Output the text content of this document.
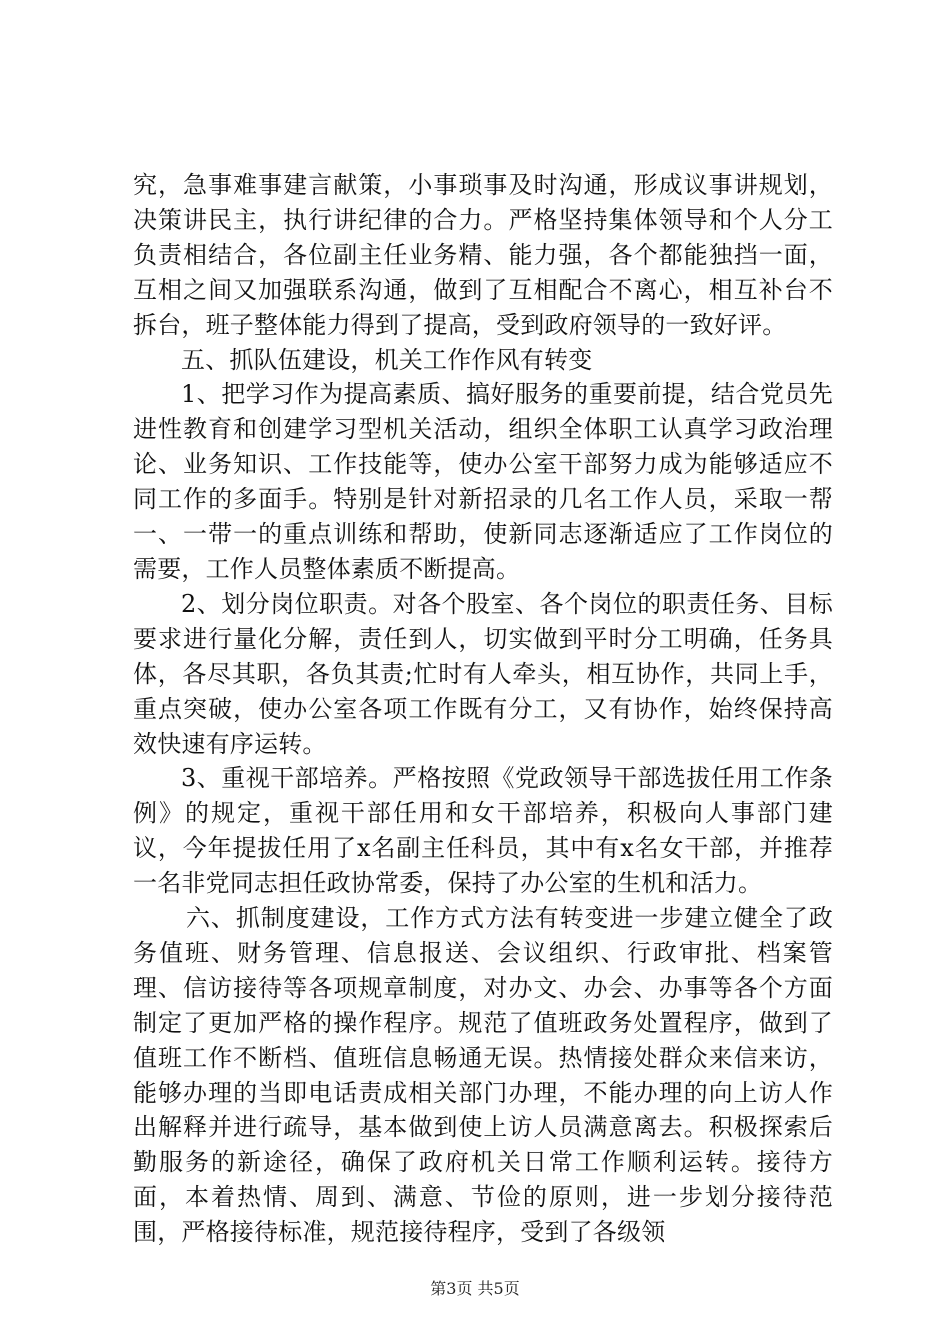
究，急事难事建言献策，小事琐事及时沟通，形成议事讲规划，决策讲民主，执行讲纪律的合力。严格坚持集体领导和个人分工负责相结合，各位副主任业务精、能力强，各个都能独挡一面，互相之间又加强联系沟通，做到了互相配合不离心，相互补台不拆台，班子整体能力得到了提高，受到政府领导的一致好评。

五、抓队伍建设，机关工作作风有转变

1、把学习作为提高素质、搞好服务的重要前提，结合党员先进性教育和创建学习型机关活动，组织全体职工认真学习政治理论、业务知识、工作技能等，使办公室干部努力成为能够适应不同工作的多面手。特别是针对新招录的几名工作人员，采取一帮一、一带一的重点训练和帮助，使新同志逐渐适应了工作岗位的需要，工作人员整体素质不断提高。

2、划分岗位职责。对各个股室、各个岗位的职责任务、目标要求进行量化分解，责任到人，切实做到平时分工明确，任务具体，各尽其职，各负其责;忙时有人牵头，相互协作，共同上手，重点突破，使办公室各项工作既有分工，又有协作，始终保持高效快速有序运转。

3、重视干部培养。严格按照《党政领导干部选拔任用工作条例》的规定，重视干部任用和女干部培养，积极向人事部门建议，今年提拔任用了x名副主任科员，其中有x名女干部，并推荐一名非党同志担任政协常委，保持了办公室的生机和活力。

六、抓制度建设，工作方式方法有转变进一步建立健全了政务值班、财务管理、信息报送、会议组织、行政审批、档案管理、信访接待等各项规章制度，对办文、办会、办事等各个方面制定了更加严格的操作程序。规范了值班政务处置程序，做到了值班工作不断档、值班信息畅通无误。热情接处群众来信来访，能够办理的当即电话责成相关部门办理，不能办理的向上访人作出解释并进行疏导，基本做到使上访人员满意离去。积极探索后勤服务的新途径，确保了政府机关日常工作顺利运转。接待方面，本着热情、周到、满意、节俭的原则，进一步划分接待范围，严格接待标准，规范接待程序，受到了各级领

第3页 共5页
